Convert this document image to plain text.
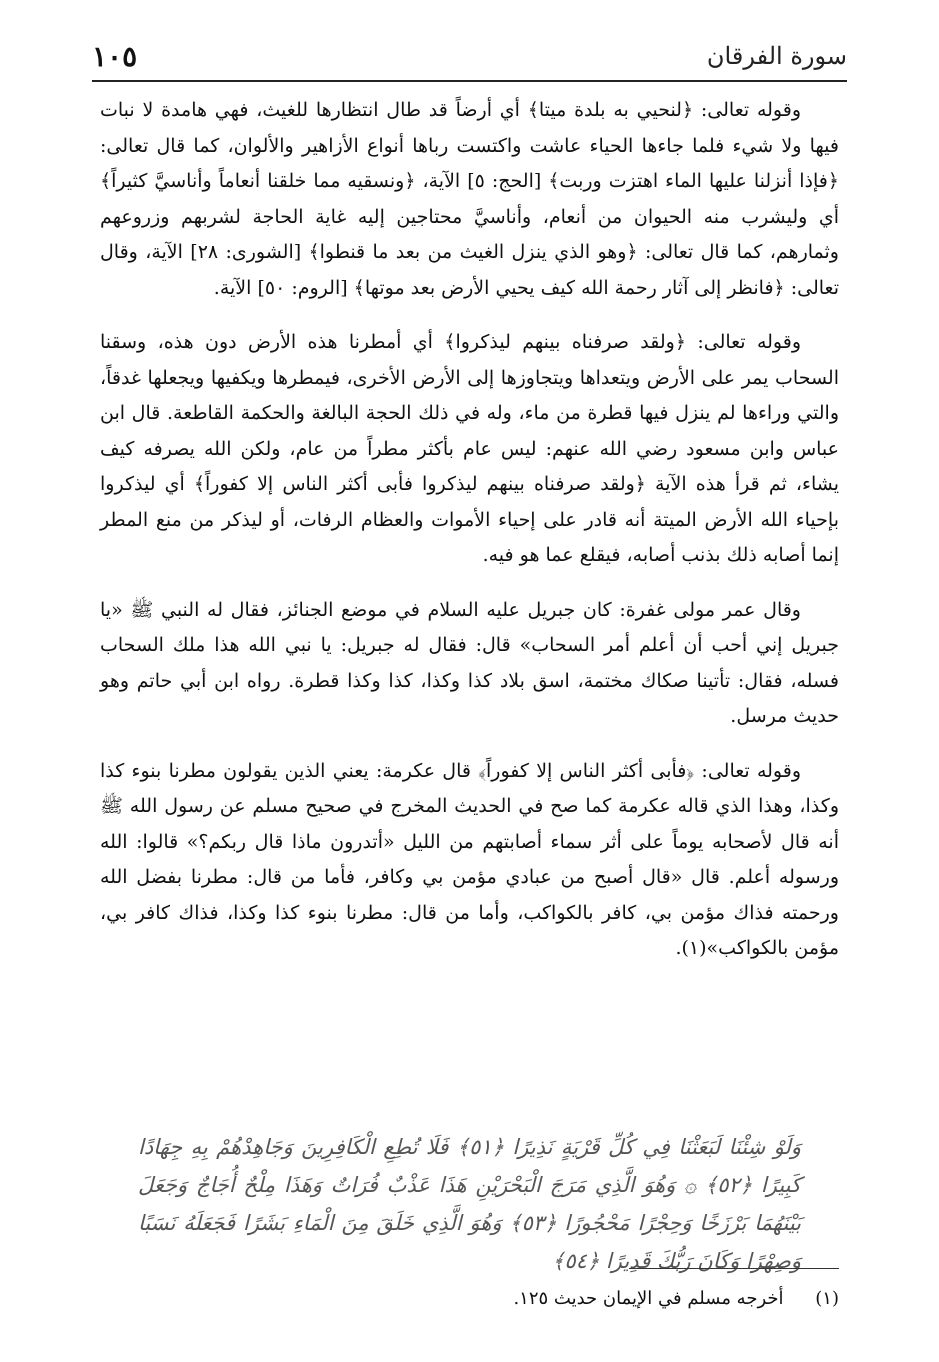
سورة الفرقان
١٠٥

وقوله تعالى: ﴿لنحيي به بلدة ميتا﴾ أي أرضاً قد طال انتظارها للغيث، فهي هامدة لا نبات فيها ولا شيء فلما جاءها الحياء عاشت واكتست رباها أنواع الأزاهير والألوان، كما قال تعالى: ﴿فإذا أنزلنا عليها الماء اهتزت وربت﴾ [الحج: ٥] الآية، ﴿ونسقيه مما خلقنا أنعاماً وأناسيَّ كثيراً﴾ أي وليشرب منه الحيوان من أنعام، وأناسيَّ محتاجين إليه غاية الحاجة لشربهم وزروعهم وثمارهم، كما قال تعالى: ﴿وهو الذي ينزل الغيث من بعد ما قنطوا﴾ [الشورى: ٢٨] الآية، وقال تعالى: ﴿فانظر إلى آثار رحمة الله كيف يحيي الأرض بعد موتها﴾ [الروم: ٥٠] الآية.

وقوله تعالى: ﴿ولقد صرفناه بينهم ليذكروا﴾ أي أمطرنا هذه الأرض دون هذه، وسقنا السحاب يمر على الأرض ويتعداها ويتجاوزها إلى الأرض الأخرى، فيمطرها ويكفيها ويجعلها غدقاً، والتي وراءها لم ينزل فيها قطرة من ماء، وله في ذلك الحجة البالغة والحكمة القاطعة. قال ابن عباس وابن مسعود رضي الله عنهم: ليس عام بأكثر مطراً من عام، ولكن الله يصرفه كيف يشاء، ثم قرأ هذه الآية ﴿ولقد صرفناه بينهم ليذكروا فأبى أكثر الناس إلا كفوراً﴾ أي ليذكروا بإحياء الله الأرض الميتة أنه قادر على إحياء الأموات والعظام الرفات، أو ليذكر من منع المطر إنما أصابه ذلك بذنب أصابه، فيقلع عما هو فيه.

وقال عمر مولى غفرة: كان جبريل عليه السلام في موضع الجنائز، فقال له النبي ﷺ «يا جبريل إني أحب أن أعلم أمر السحاب» قال: فقال له جبريل: يا نبي الله هذا ملك السحاب فسله، فقال: تأتينا صكاك مختمة، اسق بلاد كذا وكذا، كذا وكذا قطرة. رواه ابن أبي حاتم وهو حديث مرسل.

وقوله تعالى: ﴿فأبى أكثر الناس إلا كفوراً﴾ قال عكرمة: يعني الذين يقولون مطرنا بنوء كذا وكذا، وهذا الذي قاله عكرمة كما صح في الحديث المخرج في صحيح مسلم عن رسول الله ﷺ أنه قال لأصحابه يوماً على أثر سماء أصابتهم من الليل «أتدرون ماذا قال ربكم؟» قالوا: الله ورسوله أعلم. قال «قال أصبح من عبادي مؤمن بي وكافر، فأما من قال: مطرنا بفضل الله ورحمته فذاك مؤمن بي، كافر بالكواكب، وأما من قال: مطرنا بنوء كذا وكذا، فذاك كافر بي، مؤمن بالكواكب»(١).

وَلَوْ شِئْنَا لَبَعَثْنَا فِي كُلِّ قَرْيَةٍ نَذِيرًا ﴿٥١﴾ فَلَا تُطِعِ الْكَافِرِينَ وَجَاهِدْهُمْ بِهِ جِهَادًا كَبِيرًا ﴿٥٢﴾ ۞ وَهُوَ الَّذِي مَرَجَ الْبَحْرَيْنِ هَذَا عَذْبٌ فُرَاتٌ وَهَذَا مِلْحٌ أُجَاجٌ وَجَعَلَ بَيْنَهُمَا بَرْزَخًا وَحِجْرًا مَحْجُورًا ﴿٥٣﴾ وَهُوَ الَّذِي خَلَقَ مِنَ الْمَاءِ بَشَرًا فَجَعَلَهُ نَسَبًا وَصِهْرًا وَكَانَ رَبُّكَ قَدِيرًا ﴿٥٤﴾
(١) أخرجه مسلم في الإيمان حديث ١٢٥.
